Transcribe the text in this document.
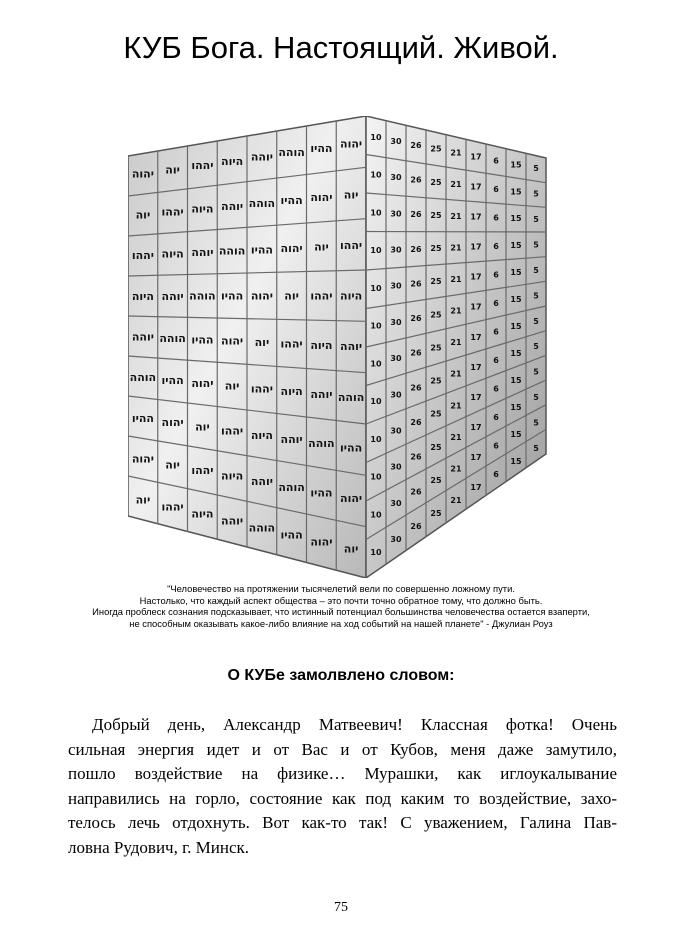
КУБ Бога. Настоящий. Живой.
יהוה יוה יההו היוה יוהה הוהה ההיו יהוה
יוה יההו היוה יוהה הוהה ההיו יהוה יוה
יההו היוה יוהה הוהה ההיו יהוה יוה יההו
היוה יוהה הוהה ההיו יהוה יוה יההו היוה
יוהה הוהה ההיו יהוה יוה יההו היוה יוהה
הוהה ההיו יהוה יוה יההו היוה יוהה הוהה
ההיו יהוה יוה יההו היוה יוהה הוהה ההיו
יהוה יוה יההו היוה יוהה הוהה ההיו יהוה
יוה
יההו
היוה
יוהה
הוהה
ההיו
יהוה
יוה
10 30 26 25 21 17 6 15 5
10 30 26 25 21 17 6 15 5
10 30 26 25 21 17 6 15 5
10 30 26 25 21 17 6 15 5
10 30 26 25 21 17 6 15 5
10 30 26 25 21 17 6 15 5
10
30
26
25
21
17
6
15
5
10
30
26
25
21
17
6
15
5
10
30
26
25
21
17
6
15
5
10
30
26
25
21
17
6
15
5
10
30
26
25
21
17
6
15
5
10
30
26
25
21
17
6
15
5
"Человечество на протяжении тысячелетий вели по совершенно ложному пути.
Настолько, что каждый аспект общества – это почти точно обратное тому, что должно быть.
Иногда проблеск сознания подсказывает, что истинный потенциал большинства человечества остается взаперти,
не способным оказывать какое-либо влияние на ход событий на нашей планете" - Джулиан Роуз
О КУБе замолвлено словом:
Добрый день, Александр Матвеевич! Классная фотка! Очень
сильная энергия идет и от Вас и от Кубов, меня даже замутило,
пошло воздействие на физике… Мурашки, как иглоукалывание
направились на горло, состояние как под каким то воздействие, захо-
телось лечь отдохнуть. Вот как-то так! С уважением, Галина Пав-
ловна Рудович, г. Минск.
75
